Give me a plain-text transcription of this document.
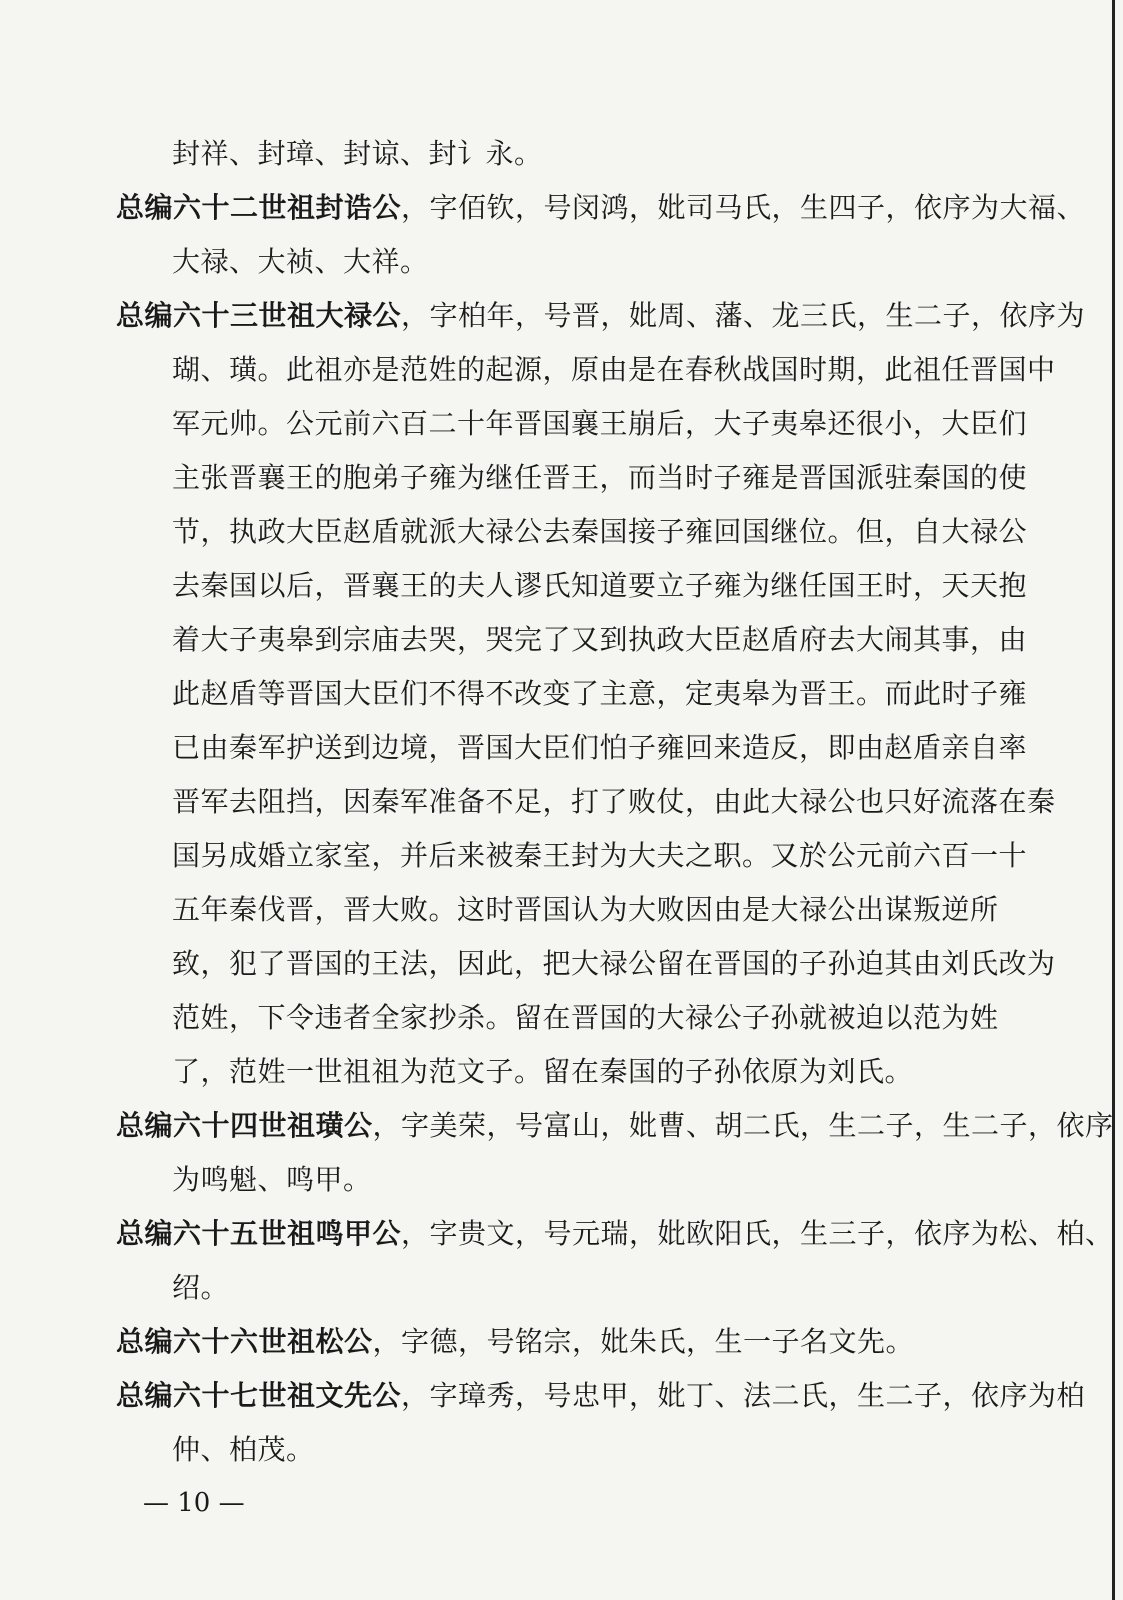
封祥、封璋、封谅、封讠永。
总编六十二世祖封诰公，字佰钦，号闵鸿，妣司马氏，生四子，依序为大福、
大禄、大祯、大祥。
总编六十三世祖大禄公，字柏年，号晋，妣周、藩、龙三氏，生二子，依序为
瑚、璜。此祖亦是范姓的起源，原由是在春秋战国时期，此祖任晋国中
军元帅。公元前六百二十年晋国襄王崩后，大子夷皋还很小，大臣们
主张晋襄王的胞弟子雍为继任晋王，而当时子雍是晋国派驻秦国的使
节，执政大臣赵盾就派大禄公去秦国接子雍回国继位。但，自大禄公
去秦国以后，晋襄王的夫人谬氏知道要立子雍为继任国王时，天天抱
着大子夷皋到宗庙去哭，哭完了又到执政大臣赵盾府去大闹其事，由
此赵盾等晋国大臣们不得不改变了主意，定夷皋为晋王。而此时子雍
已由秦军护送到边境，晋国大臣们怕子雍回来造反，即由赵盾亲自率
晋军去阻挡，因秦军准备不足，打了败仗，由此大禄公也只好流落在秦
国另成婚立家室，并后来被秦王封为大夫之职。又於公元前六百一十
五年秦伐晋，晋大败。这时晋国认为大败因由是大禄公出谋叛逆所
致，犯了晋国的王法，因此，把大禄公留在晋国的子孙迫其由刘氏改为
范姓，下令违者全家抄杀。留在晋国的大禄公子孙就被迫以范为姓
了，范姓一世祖祖为范文子。留在秦国的子孙依原为刘氏。
总编六十四世祖璜公，字美荣，号富山，妣曹、胡二氏，生二子，生二子，依序
为鸣魁、鸣甲。
总编六十五世祖鸣甲公，字贵文，号元瑞，妣欧阳氏，生三子，依序为松、柏、
绍。
总编六十六世祖松公，字德，号铭宗，妣朱氏，生一子名文先。
总编六十七世祖文先公，字璋秀，号忠甲，妣丁、法二氏，生二子，依序为柏
仲、柏茂。
— 10 —
